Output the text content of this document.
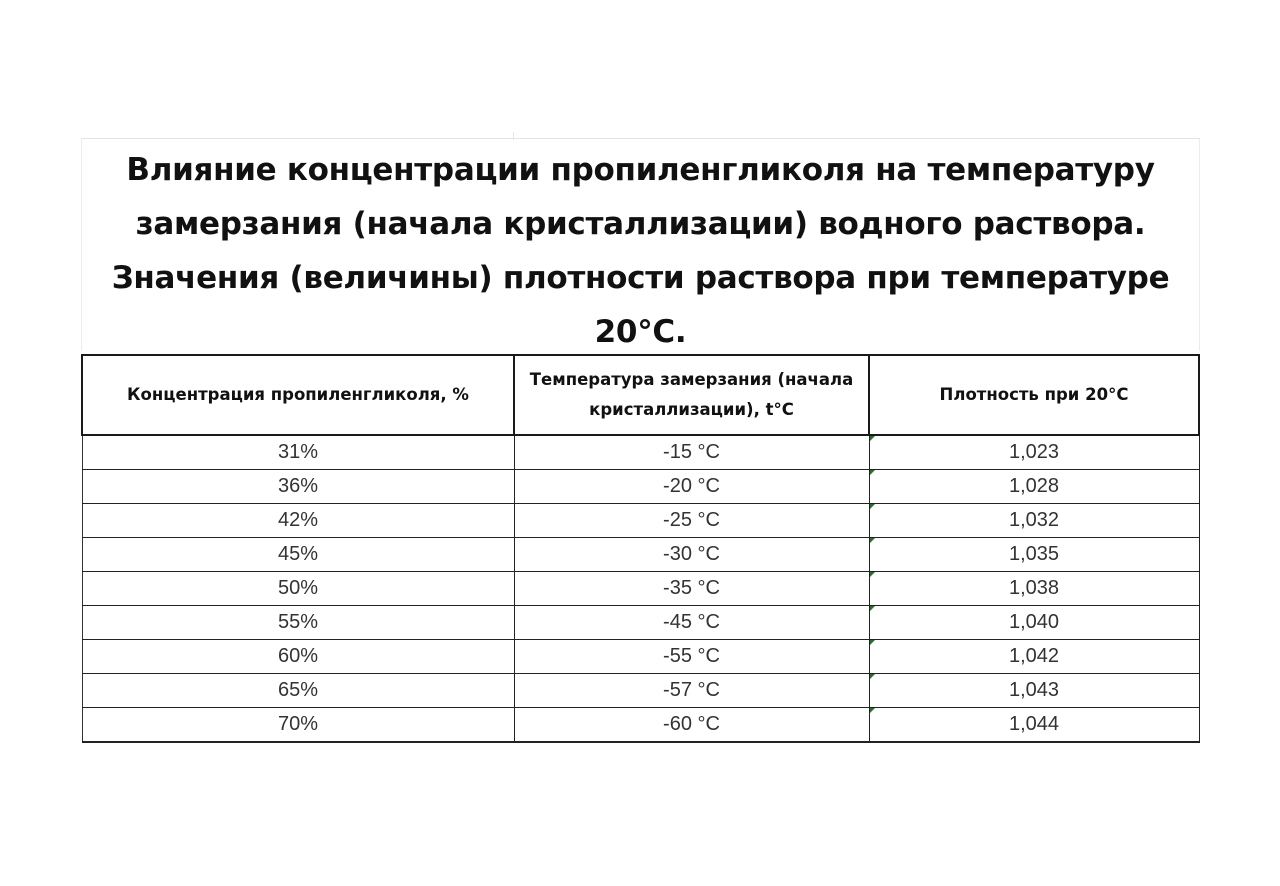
Влияние концентрации пропиленгликоля на температуру
замерзания (начала кристаллизации) водного раствора.
Значения (величины) плотности раствора при температуре
20°C.
Концентрация пропиленгликоля, %	Температура замерзания (начала кристаллизации), t°C	Плотность при 20°C
31%	-15 °C	1,023
36%	-20 °C	1,028
42%	-25 °C	1,032
45%	-30 °C	1,035
50%	-35 °C	1,038
55%	-45 °C	1,040
60%	-55 °C	1,042
65%	-57 °C	1,043
70%	-60 °C	1,044
